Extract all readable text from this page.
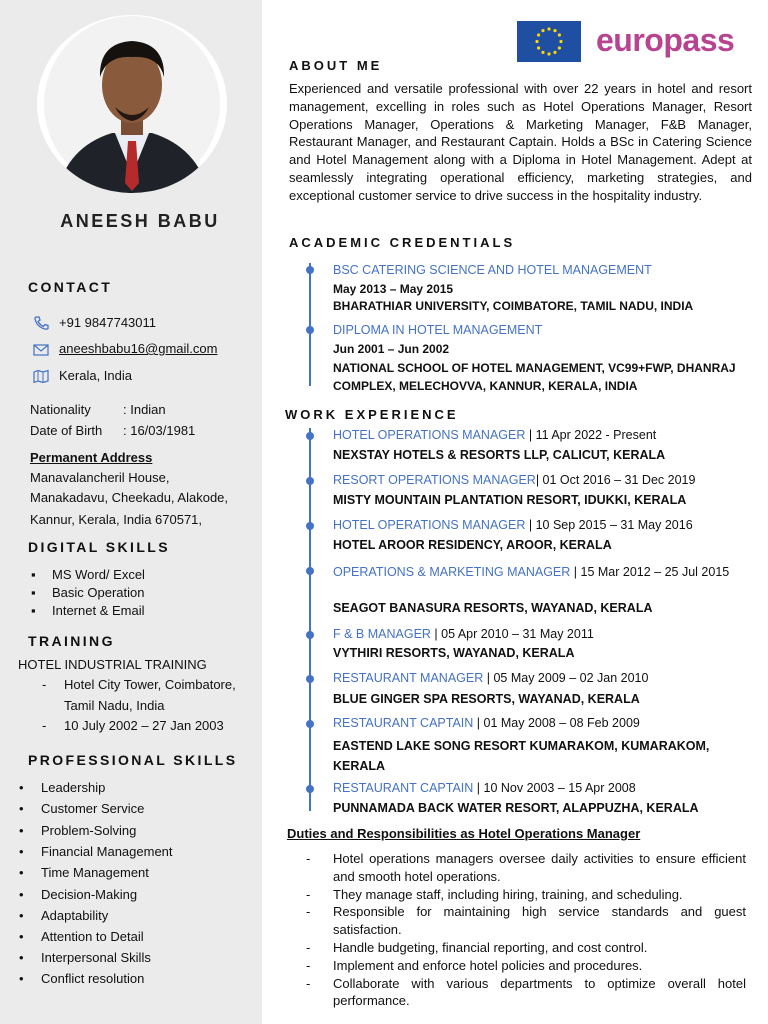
ANEESH BABU
CONTACT
+91 9847743011
aneeshbabu16@gmail.com
Kerala, India
Nationality : Indian
Date of Birth : 16/03/1981
Permanent Address
Manavalancheril House,
Manakadavu, Cheekadu, Alakode,
Kannur, Kerala, India 670571,
DIGITAL SKILLS
▪ MS Word/ Excel
▪ Basic Operation
▪ Internet & Email
TRAINING
HOTEL INDUSTRIAL TRAINING
- Hotel City Tower, Coimbatore,
Tamil Nadu, India
- 10 July 2002 – 27 Jan 2003
PROFESSIONAL SKILLS
• Leadership
• Customer Service
• Problem-Solving
• Financial Management
• Time Management
• Decision-Making
• Adaptability
• Attention to Detail
• Interpersonal Skills
• Conflict resolution
europass
ABOUT ME
Experienced and versatile professional with over 22 years in hotel and resort management, excelling in roles such as Hotel Operations Manager, Resort Operations Manager, Operations & Marketing Manager, F&B Manager, Restaurant Manager, and Restaurant Captain. Holds a BSc in Catering Science and Hotel Management along with a Diploma in Hotel Management. Adept at seamlessly integrating operational efficiency, marketing strategies, and exceptional customer service to drive success in the hospitality industry.
ACADEMIC CREDENTIALS
BSC CATERING SCIENCE AND HOTEL MANAGEMENT
May 2013 – May 2015
BHARATHIAR UNIVERSITY, COIMBATORE, TAMIL NADU, INDIA
DIPLOMA IN HOTEL MANAGEMENT
Jun 2001 – Jun 2002
NATIONAL SCHOOL OF HOTEL MANAGEMENT, VC99+FWP, DHANRAJ COMPLEX, MELECHOVVA, KANNUR, KERALA, INDIA
WORK EXPERIENCE
HOTEL OPERATIONS MANAGER | 11 Apr 2022 - Present
NEXSTAY HOTELS & RESORTS LLP, CALICUT, KERALA
RESORT OPERATIONS MANAGER| 01 Oct 2016 – 31 Dec 2019
MISTY MOUNTAIN PLANTATION RESORT, IDUKKI, KERALA
HOTEL OPERATIONS MANAGER | 10 Sep 2015 – 31 May 2016
HOTEL AROOR RESIDENCY, AROOR, KERALA
OPERATIONS & MARKETING MANAGER | 15 Mar 2012 – 25 Jul 2015
SEAGOT BANASURA RESORTS, WAYANAD, KERALA
F & B MANAGER | 05 Apr 2010 – 31 May 2011
VYTHIRI RESORTS, WAYANAD, KERALA
RESTAURANT MANAGER | 05 May 2009 – 02 Jan 2010
BLUE GINGER SPA RESORTS, WAYANAD, KERALA
RESTAURANT CAPTAIN | 01 May 2008 – 08 Feb 2009
EASTEND LAKE SONG RESORT KUMARAKOM, KUMARAKOM, KERALA
RESTAURANT CAPTAIN | 10 Nov 2003 – 15 Apr 2008
PUNNAMADA BACK WATER RESORT, ALAPPUZHA, KERALA
Duties and Responsibilities as Hotel Operations Manager
- Hotel operations managers oversee daily activities to ensure efficient and smooth hotel operations.
- They manage staff, including hiring, training, and scheduling.
- Responsible for maintaining high service standards and guest satisfaction.
- Handle budgeting, financial reporting, and cost control.
- Implement and enforce hotel policies and procedures.
- Collaborate with various departments to optimize overall hotel performance.
